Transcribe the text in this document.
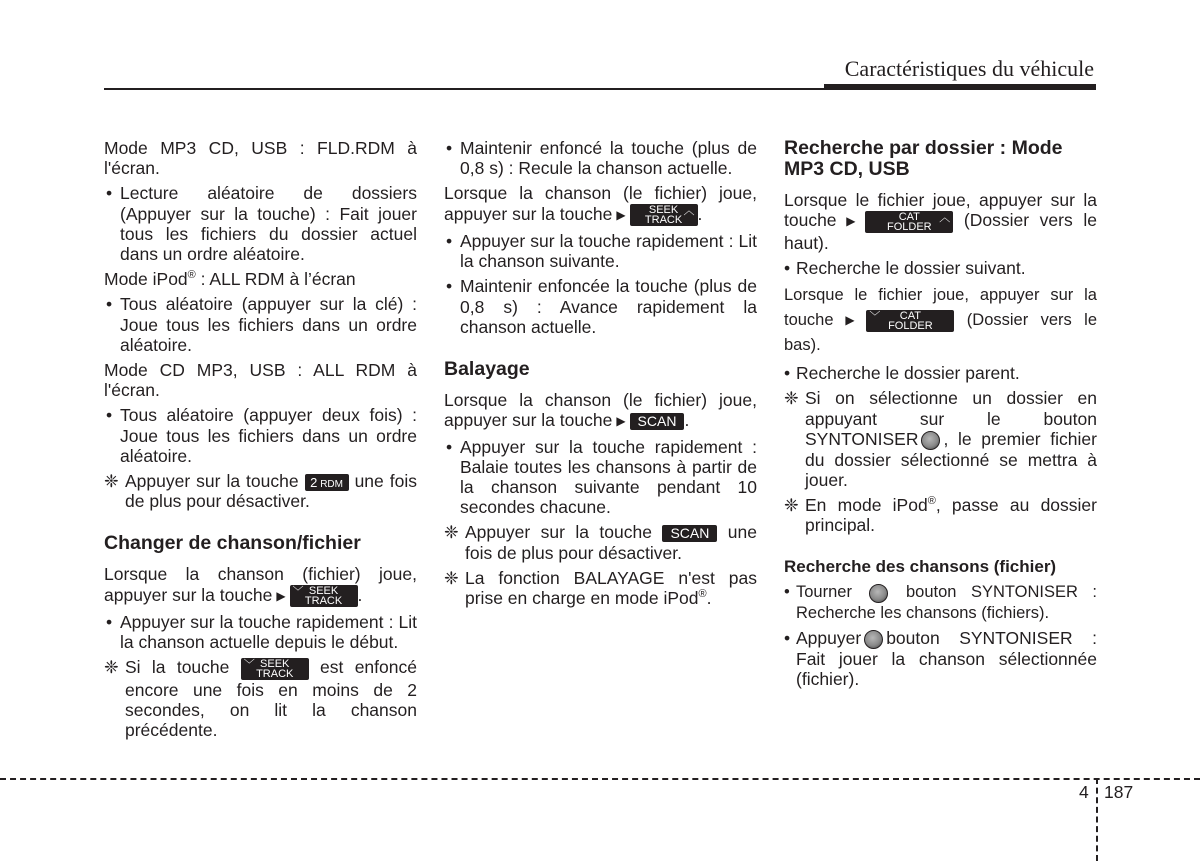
Caractéristiques du véhicule

Mode MP3 CD, USB : FLD.RDM à l'écran.

• Lecture aléatoire de dossiers (Appuyer sur la touche) : Fait jouer tous les fichiers du dossier actuel dans un ordre aléatoire.

Mode iPod® : ALL RDM à l’écran

• Tous aléatoire (appuyer sur la clé) : Joue tous les fichiers dans un ordre aléatoire.

Mode CD MP3, USB : ALL RDM à l'écran.

• Tous aléatoire (appuyer deux fois) : Joue tous les fichiers dans un ordre aléatoire.
❈ Appuyer sur la touche 2 RDM une fois de plus pour désactiver.
Changer de chanson/fichier

Lorsque la chanson (fichier) joue, appuyer sur la touche ▶ ﹀ SEEK
TRACK .

• Appuyer sur la touche rapidement : Lit la chanson actuelle depuis le début.
❈ Si la touche ﹀ SEEK
TRACK	est enfoncé encore une fois en moins de 2 secondes, on lit la chanson précédente.
• Maintenir enfoncé la touche (plus de 0,8 s) : Recule la chanson actuelle.

Lorsque la chanson (le fichier) joue, appuyer sur la touche ▶	︿
SEEK
TRACK .

• Appuyer sur la touche rapidement : Lit la chanson suivante.
• Maintenir enfoncée la touche (plus de 0,8 s) : Avance rapidement la chanson actuelle.
Balayage

Lorsque la chanson (le fichier) joue, appuyer sur la touche ▶ SCAN .

• Appuyer sur la touche rapidement : Balaie toutes les chansons à partir de la chanson suivante pendant 10 secondes chacune.
❈ Appuyer sur la touche SCAN une fois de plus pour désactiver.
❈ La fonction BALAYAGE n'est pas prise en charge en mode iPod®.
Recherche par dossier : Mode MP3 CD, USB

Lorsque le fichier joue, appuyer sur la touche ▶	︿
CAT
FOLDER	(Dossier vers le haut).

• Recherche le dossier suivant.

Lorsque le fichier joue, appuyer sur la touche ▶ ﹀	CAT
FOLDER	(Dossier vers le bas).

• Recherche le dossier parent.
❈ Si on sélectionne un dossier en appuyant sur le bouton SYNTONISER , le premier fichier du dossier sélectionné se mettra à jouer.
❈ En mode iPod®, passe au dossier principal.
Recherche des chansons (fichier)
• Tourner	bouton SYNTONISER : Recherche les chansons (fichiers).
• Appuyer bouton SYNTONISER : Fait jouer la chanson sélectionnée (fichier).
4 187
